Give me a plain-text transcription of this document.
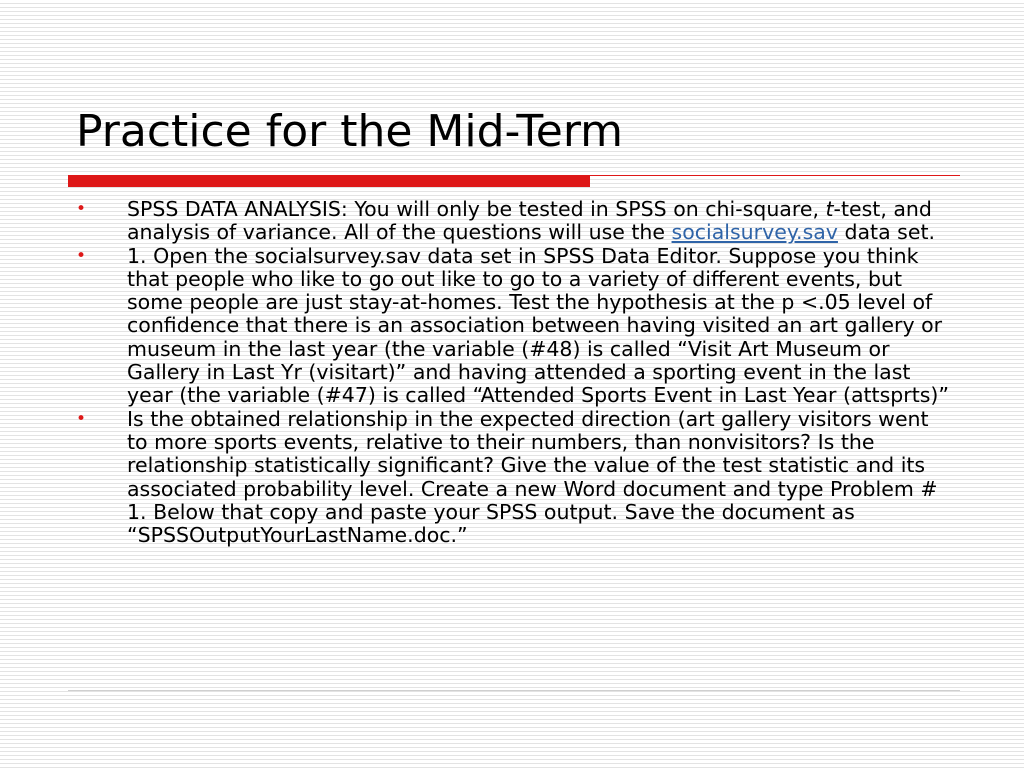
Practice for the Mid-Term
• SPSS DATA ANALYSIS: You will only be tested in SPSS on chi-square, t-test, and analysis of variance. All of the questions will use the socialsurvey.sav data set.
• 1. Open the socialsurvey.sav data set in SPSS Data Editor. Suppose you think that people who like to go out like to go to a variety of different events, but some people are just stay-at-homes. Test the hypothesis at the p <.05 level of confidence that there is an association between having visited an art gallery or museum in the last year (the variable (#48) is called “Visit Art Museum or Gallery in Last Yr (visitart)” and having attended a sporting event in the last year (the variable (#47) is called “Attended Sports Event in Last Year (attsprts)”
• Is the obtained relationship in the expected direction (art gallery visitors went to more sports events, relative to their numbers, than nonvisitors? Is the relationship statistically significant? Give the value of the test statistic and its associated probability level. Create a new Word document and type Problem # 1. Below that copy and paste your SPSS output. Save the document as “SPSSOutputYourLastName.doc.”
